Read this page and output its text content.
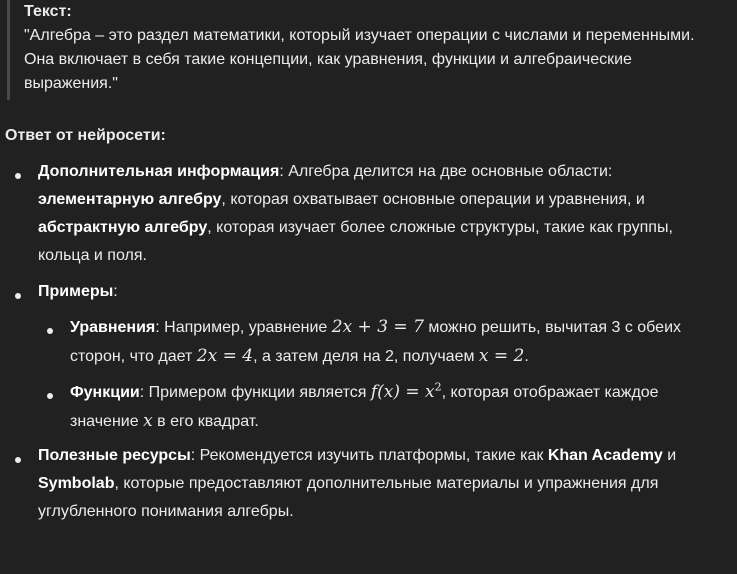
Текст:
"Алгебра – это раздел математики, который изучает операции с числами и переменными. Она включает в себя такие концепции, как уравнения, функции и алгебраические выражения."
Ответ от нейросети:
Дополнительная информация: Алгебра делится на две основные области: элементарную алгебру, которая охватывает основные операции и уравнения, и абстрактную алгебру, которая изучает более сложные структуры, такие как группы, кольца и поля.
Примеры:
Уравнения: Например, уравнение 2x + 3 = 7 можно решить, вычитая 3 с обеих сторон, что дает 2x = 4, а затем деля на 2, получаем x = 2.
Функции: Примером функции является $f(x) = x^2$, которая отображает каждое значение x в его квадрат.
Полезные ресурсы: Рекомендуется изучить платформы, такие как Khan Academy и Symbolab, которые предоставляют дополнительные материалы и упражнения для углубленного понимания алгебры.
